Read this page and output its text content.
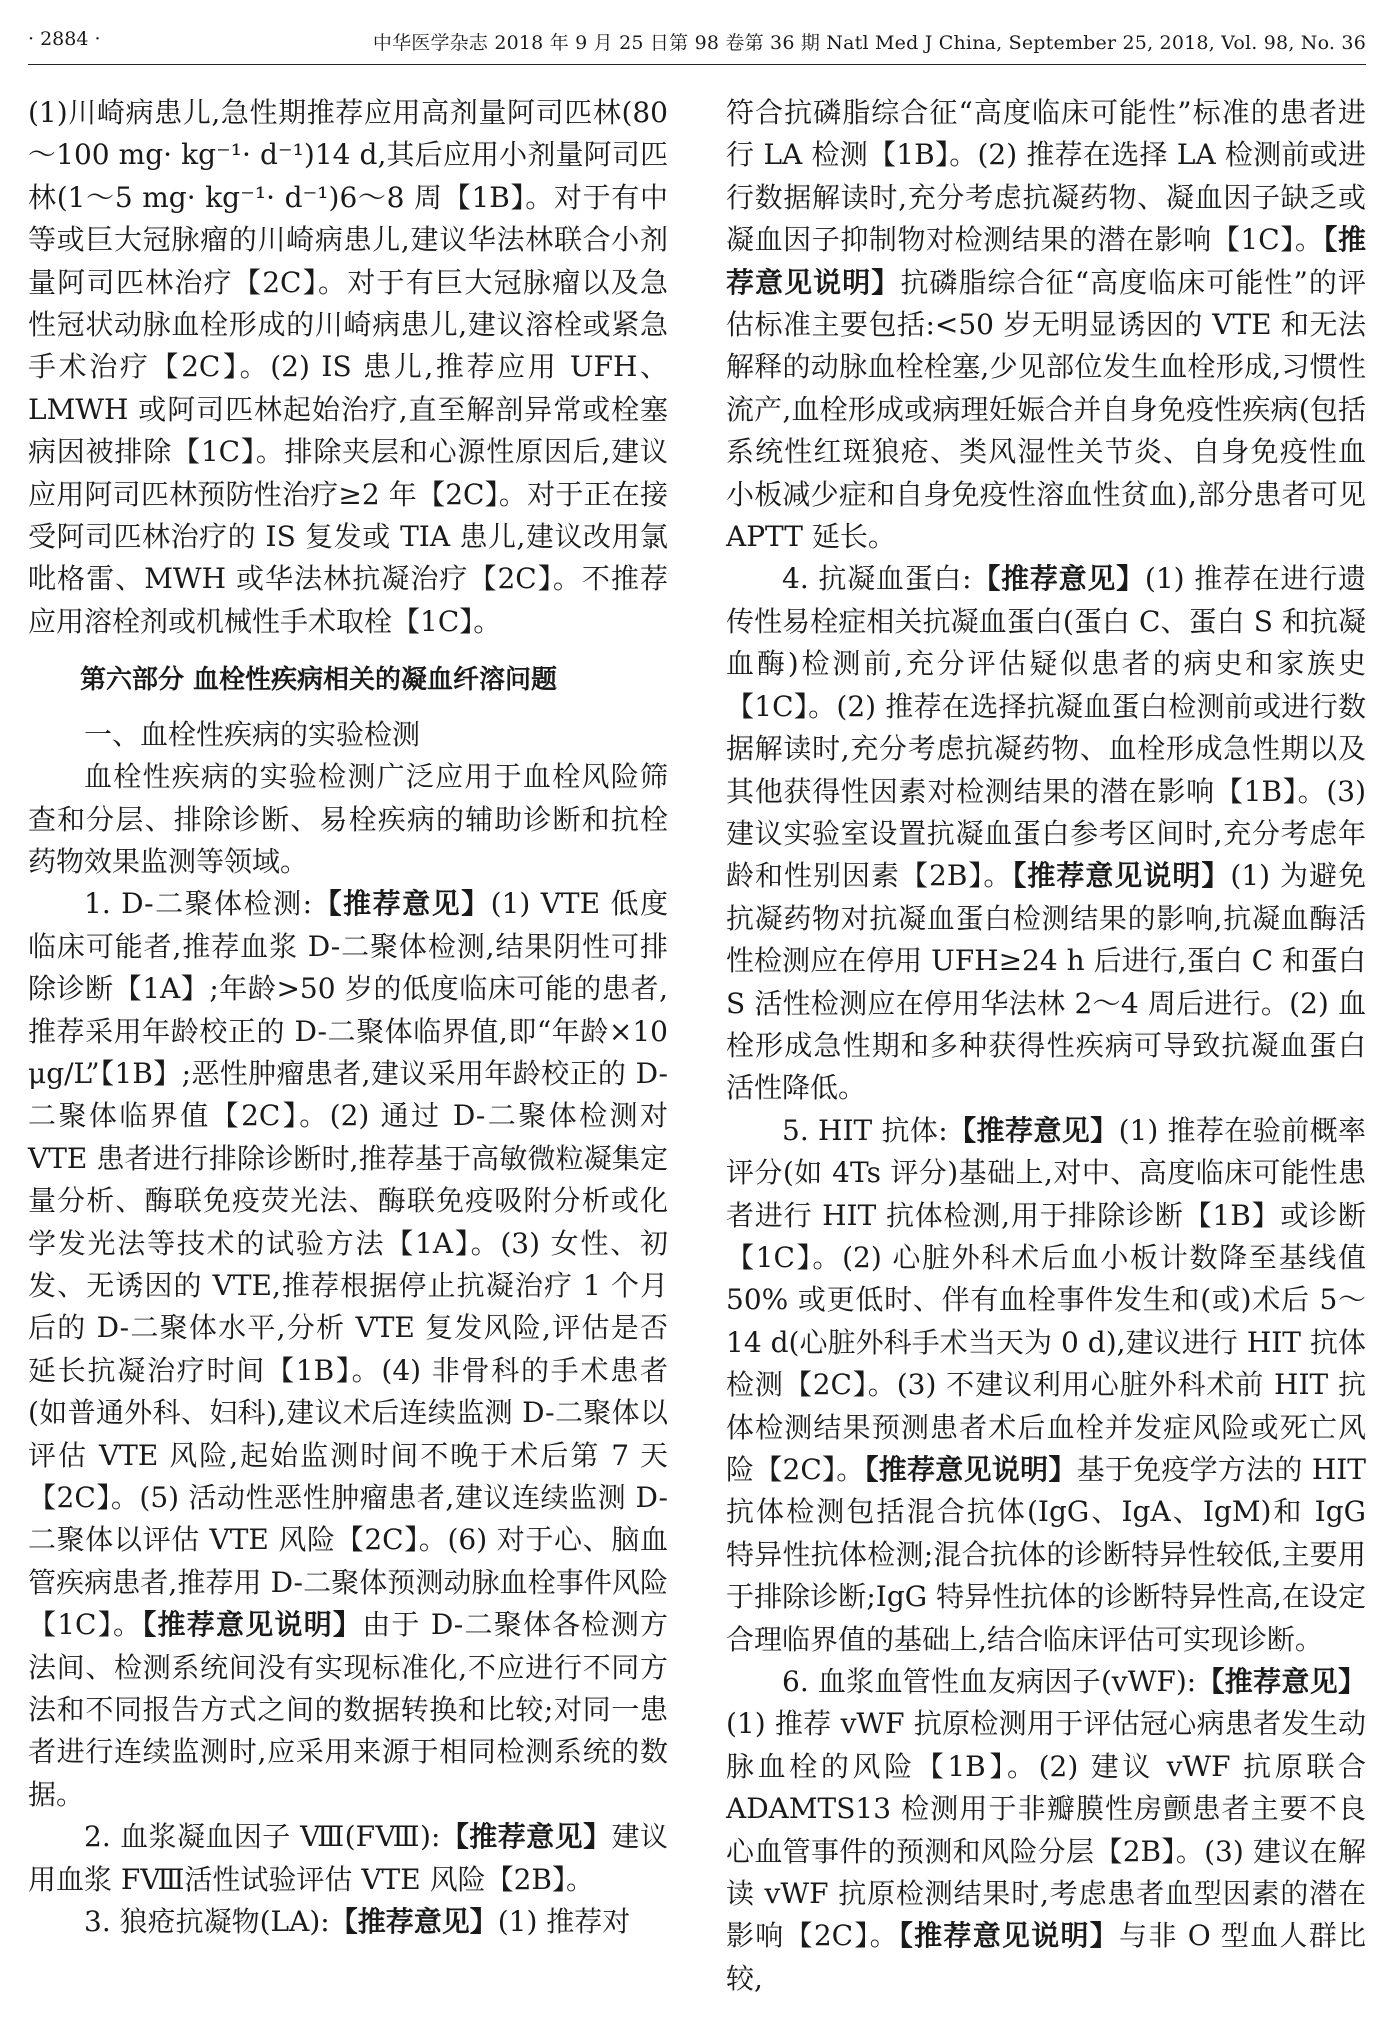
· 2884 ·	中华医学杂志 2018 年 9 月 25 日第 98 卷第 36 期 Natl Med J China, September 25, 2018, Vol. 98, No. 36

(1)川崎病患儿,急性期推荐应用高剂量阿司匹林(80～100 mg· kg⁻¹· d⁻¹)14 d,其后应用小剂量阿司匹林(1～5 mg· kg⁻¹· d⁻¹)6～8 周【1B】。对于有中等或巨大冠脉瘤的川崎病患儿,建议华法林联合小剂量阿司匹林治疗【2C】。对于有巨大冠脉瘤以及急性冠状动脉血栓形成的川崎病患儿,建议溶栓或紧急手术治疗【2C】。(2) IS 患儿,推荐应用 UFH、LMWH 或阿司匹林起始治疗,直至解剖异常或栓塞病因被排除【1C】。排除夹层和心源性原因后,建议应用阿司匹林预防性治疗≥2 年【2C】。对于正在接受阿司匹林治疗的 IS 复发或 TIA 患儿,建议改用氯吡格雷、MWH 或华法林抗凝治疗【2C】。不推荐应用溶栓剂或机械性手术取栓【1C】。

第六部分 血栓性疾病相关的凝血纤溶问题

一、血栓性疾病的实验检测

血栓性疾病的实验检测广泛应用于血栓风险筛查和分层、排除诊断、易栓疾病的辅助诊断和抗栓药物效果监测等领域。

1. D-二聚体检测:【推荐意见】(1) VTE 低度临床可能者,推荐血浆 D-二聚体检测,结果阴性可排除诊断【1A】;年龄>50 岁的低度临床可能的患者,推荐采用年龄校正的 D-二聚体临界值,即“年龄×10 μg/L”【1B】;恶性肿瘤患者,建议采用年龄校正的 D-二聚体临界值【2C】。(2) 通过 D-二聚体检测对 VTE 患者进行排除诊断时,推荐基于高敏微粒凝集定量分析、酶联免疫荧光法、酶联免疫吸附分析或化学发光法等技术的试验方法【1A】。(3) 女性、初发、无诱因的 VTE,推荐根据停止抗凝治疗 1 个月后的 D-二聚体水平,分析 VTE 复发风险,评估是否延长抗凝治疗时间【1B】。(4) 非骨科的手术患者(如普通外科、妇科),建议术后连续监测 D-二聚体以评估 VTE 风险,起始监测时间不晚于术后第 7 天【2C】。(5) 活动性恶性肿瘤患者,建议连续监测 D-二聚体以评估 VTE 风险【2C】。(6) 对于心、脑血管疾病患者,推荐用 D-二聚体预测动脉血栓事件风险【1C】。【推荐意见说明】由于 D-二聚体各检测方法间、检测系统间没有实现标准化,不应进行不同方法和不同报告方式之间的数据转换和比较;对同一患者进行连续监测时,应采用来源于相同检测系统的数据。

2. 血浆凝血因子 Ⅷ(FⅧ):【推荐意见】建议用血浆 FⅧ活性试验评估 VTE 风险【2B】。

3. 狼疮抗凝物(LA):【推荐意见】(1) 推荐对

符合抗磷脂综合征“高度临床可能性”标准的患者进行 LA 检测【1B】。(2) 推荐在选择 LA 检测前或进行数据解读时,充分考虑抗凝药物、凝血因子缺乏或凝血因子抑制物对检测结果的潜在影响【1C】。【推荐意见说明】抗磷脂综合征“高度临床可能性”的评估标准主要包括:<50 岁无明显诱因的 VTE 和无法解释的动脉血栓栓塞,少见部位发生血栓形成,习惯性流产,血栓形成或病理妊娠合并自身免疫性疾病(包括系统性红斑狼疮、类风湿性关节炎、自身免疫性血小板减少症和自身免疫性溶血性贫血),部分患者可见 APTT 延长。

4. 抗凝血蛋白:【推荐意见】(1) 推荐在进行遗传性易栓症相关抗凝血蛋白(蛋白 C、蛋白 S 和抗凝血酶)检测前,充分评估疑似患者的病史和家族史【1C】。(2) 推荐在选择抗凝血蛋白检测前或进行数据解读时,充分考虑抗凝药物、血栓形成急性期以及其他获得性因素对检测结果的潜在影响【1B】。(3) 建议实验室设置抗凝血蛋白参考区间时,充分考虑年龄和性别因素【2B】。【推荐意见说明】(1) 为避免抗凝药物对抗凝血蛋白检测结果的影响,抗凝血酶活性检测应在停用 UFH≥24 h 后进行,蛋白 C 和蛋白 S 活性检测应在停用华法林 2～4 周后进行。(2) 血栓形成急性期和多种获得性疾病可导致抗凝血蛋白活性降低。

5. HIT 抗体:【推荐意见】(1) 推荐在验前概率评分(如 4Ts 评分)基础上,对中、高度临床可能性患者进行 HIT 抗体检测,用于排除诊断【1B】或诊断【1C】。(2) 心脏外科术后血小板计数降至基线值 50% 或更低时、伴有血栓事件发生和(或)术后 5～14 d(心脏外科手术当天为 0 d),建议进行 HIT 抗体检测【2C】。(3) 不建议利用心脏外科术前 HIT 抗体检测结果预测患者术后血栓并发症风险或死亡风险【2C】。【推荐意见说明】基于免疫学方法的 HIT 抗体检测包括混合抗体(IgG、IgA、IgM)和 IgG 特异性抗体检测;混合抗体的诊断特异性较低,主要用于排除诊断;IgG 特异性抗体的诊断特异性高,在设定合理临界值的基础上,结合临床评估可实现诊断。

6. 血浆血管性血友病因子(vWF):【推荐意见】(1) 推荐 vWF 抗原检测用于评估冠心病患者发生动脉血栓的风险【1B】。(2) 建议 vWF 抗原联合 ADAMTS13 检测用于非瓣膜性房颤患者主要不良心血管事件的预测和风险分层【2B】。(3) 建议在解读 vWF 抗原检测结果时,考虑患者血型因素的潜在影响【2C】。【推荐意见说明】与非 O 型血人群比较,
